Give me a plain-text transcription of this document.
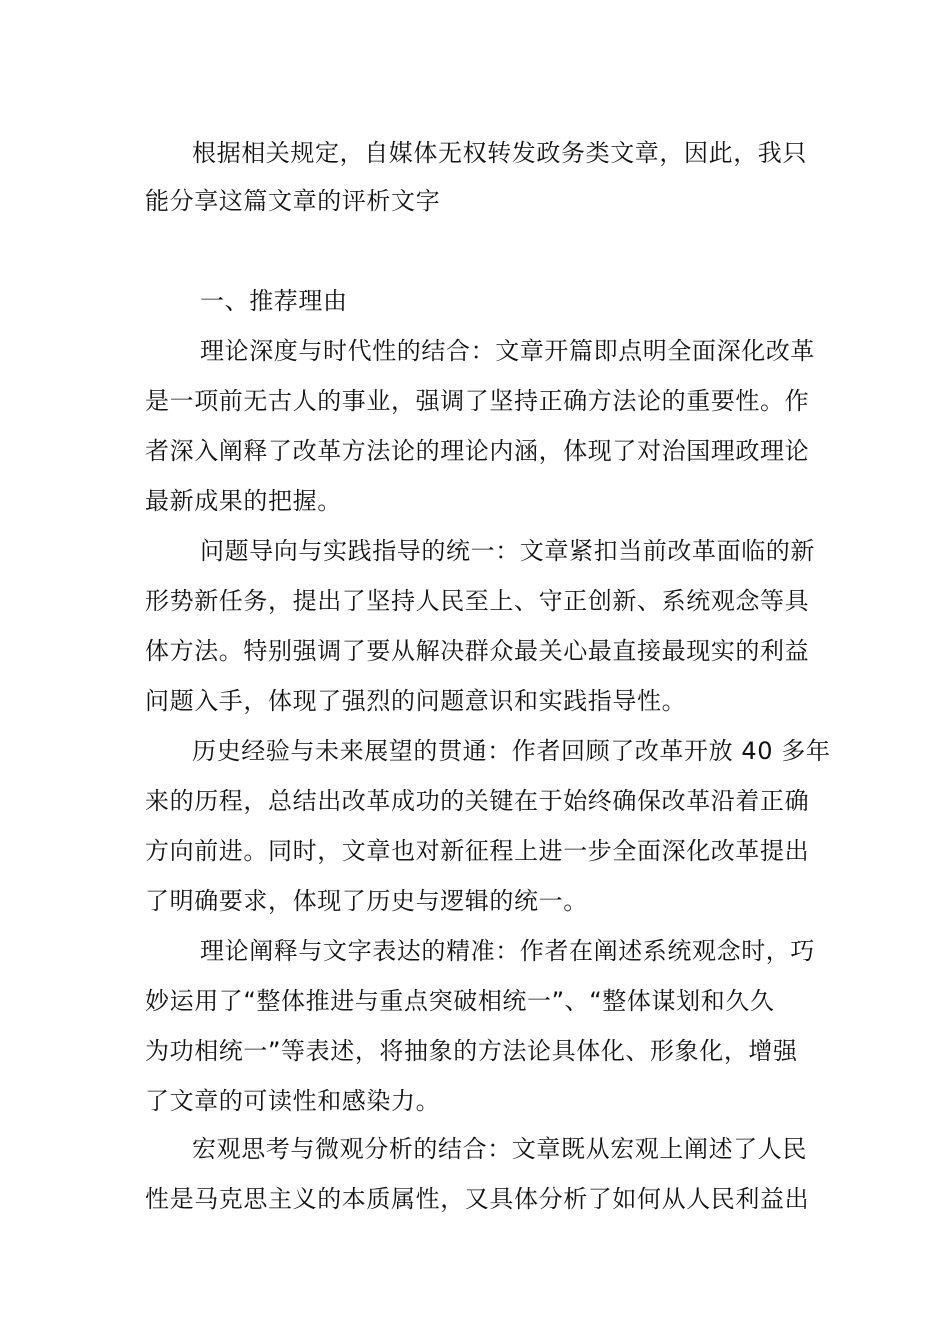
根据相关规定，自媒体无权转发政务类文章，因此，我只

能分享这篇文章的评析文字

一、推荐理由

理论深度与时代性的结合：文章开篇即点明全面深化改革

是一项前无古人的事业，强调了坚持正确方法论的重要性。作

者深入阐释了改革方法论的理论内涵，体现了对治国理政理论

最新成果的把握。

问题导向与实践指导的统一：文章紧扣当前改革面临的新

形势新任务，提出了坚持人民至上、守正创新、系统观念等具

体方法。特别强调了要从解决群众最关心最直接最现实的利益

问题入手，体现了强烈的问题意识和实践指导性。

历史经验与未来展望的贯通：作者回顾了改革开放 40 多年

来的历程，总结出改革成功的关键在于始终确保改革沿着正确

方向前进。同时，文章也对新征程上进一步全面深化改革提出

了明确要求，体现了历史与逻辑的统一。

理论阐释与文字表达的精准：作者在阐述系统观念时，巧

妙运用了“整体推进与重点突破相统一”、“整体谋划和久久

为功相统一”等表述，将抽象的方法论具体化、形象化，增强

了文章的可读性和感染力。

宏观思考与微观分析的结合：文章既从宏观上阐述了人民

性是马克思主义的本质属性，又具体分析了如何从人民利益出
